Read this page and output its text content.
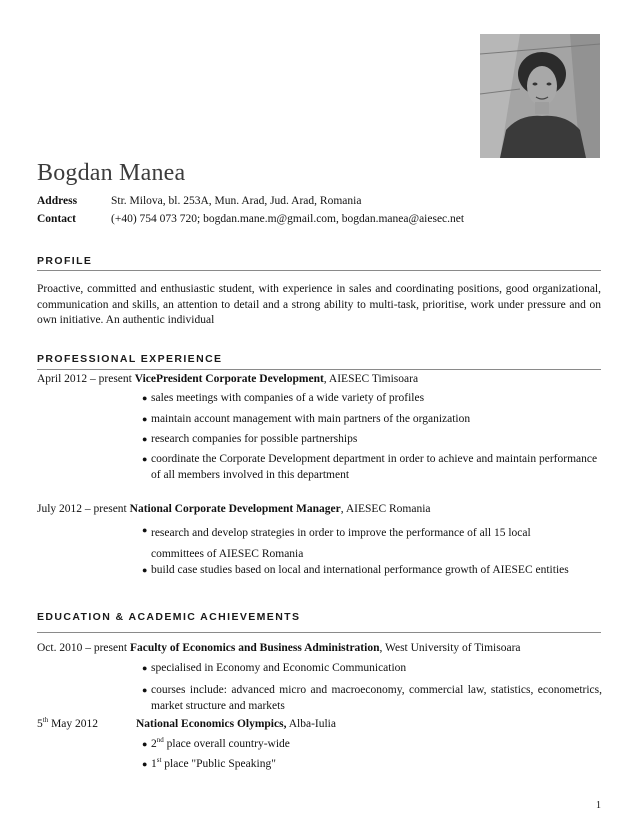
Bogdan Manea
Address	Str. Milova, bl. 253A, Mun. Arad, Jud. Arad, Romania
Contact	(+40) 754 073 720; bogdan.mane.m@gmail.com, bogdan.manea@aiesec.net
PROFILE
Proactive, committed and enthusiastic student, with experience in sales and coordinating positions, good organizational, communication and skills, an attention to detail and a strong ability to multi-task, prioritise, work under pressure and on own initiative. An authentic individual
PROFESSIONAL EXPERIENCE
April 2012 – present VicePresident Corporate Development, AIESEC Timisoara
● sales meetings with companies of a wide variety of profiles
● maintain account management with main partners of the organization
● research companies for possible partnerships
● coordinate the Corporate Development department in order to achieve and maintain performance of all members involved in this department
July 2012 – present National Corporate Development Manager, AIESEC Romania
● research and develop strategies in order to improve the performance of all 15 local committees of AIESEC Romania
● build case studies based on local and international performance growth of AIESEC entities
EDUCATION & ACADEMIC ACHIEVEMENTS
Oct. 2010 – present Faculty of Economics and Business Administration, West University of Timisoara
● specialised in Economy and Economic Communication
● courses include: advanced micro and macroeconomy, commercial law, statistics, econometrics, market structure and markets
5th May 2012	National Economics Olympics, Alba-Iulia
● 2nd place overall country-wide
● 1st place "Public Speaking"
1
